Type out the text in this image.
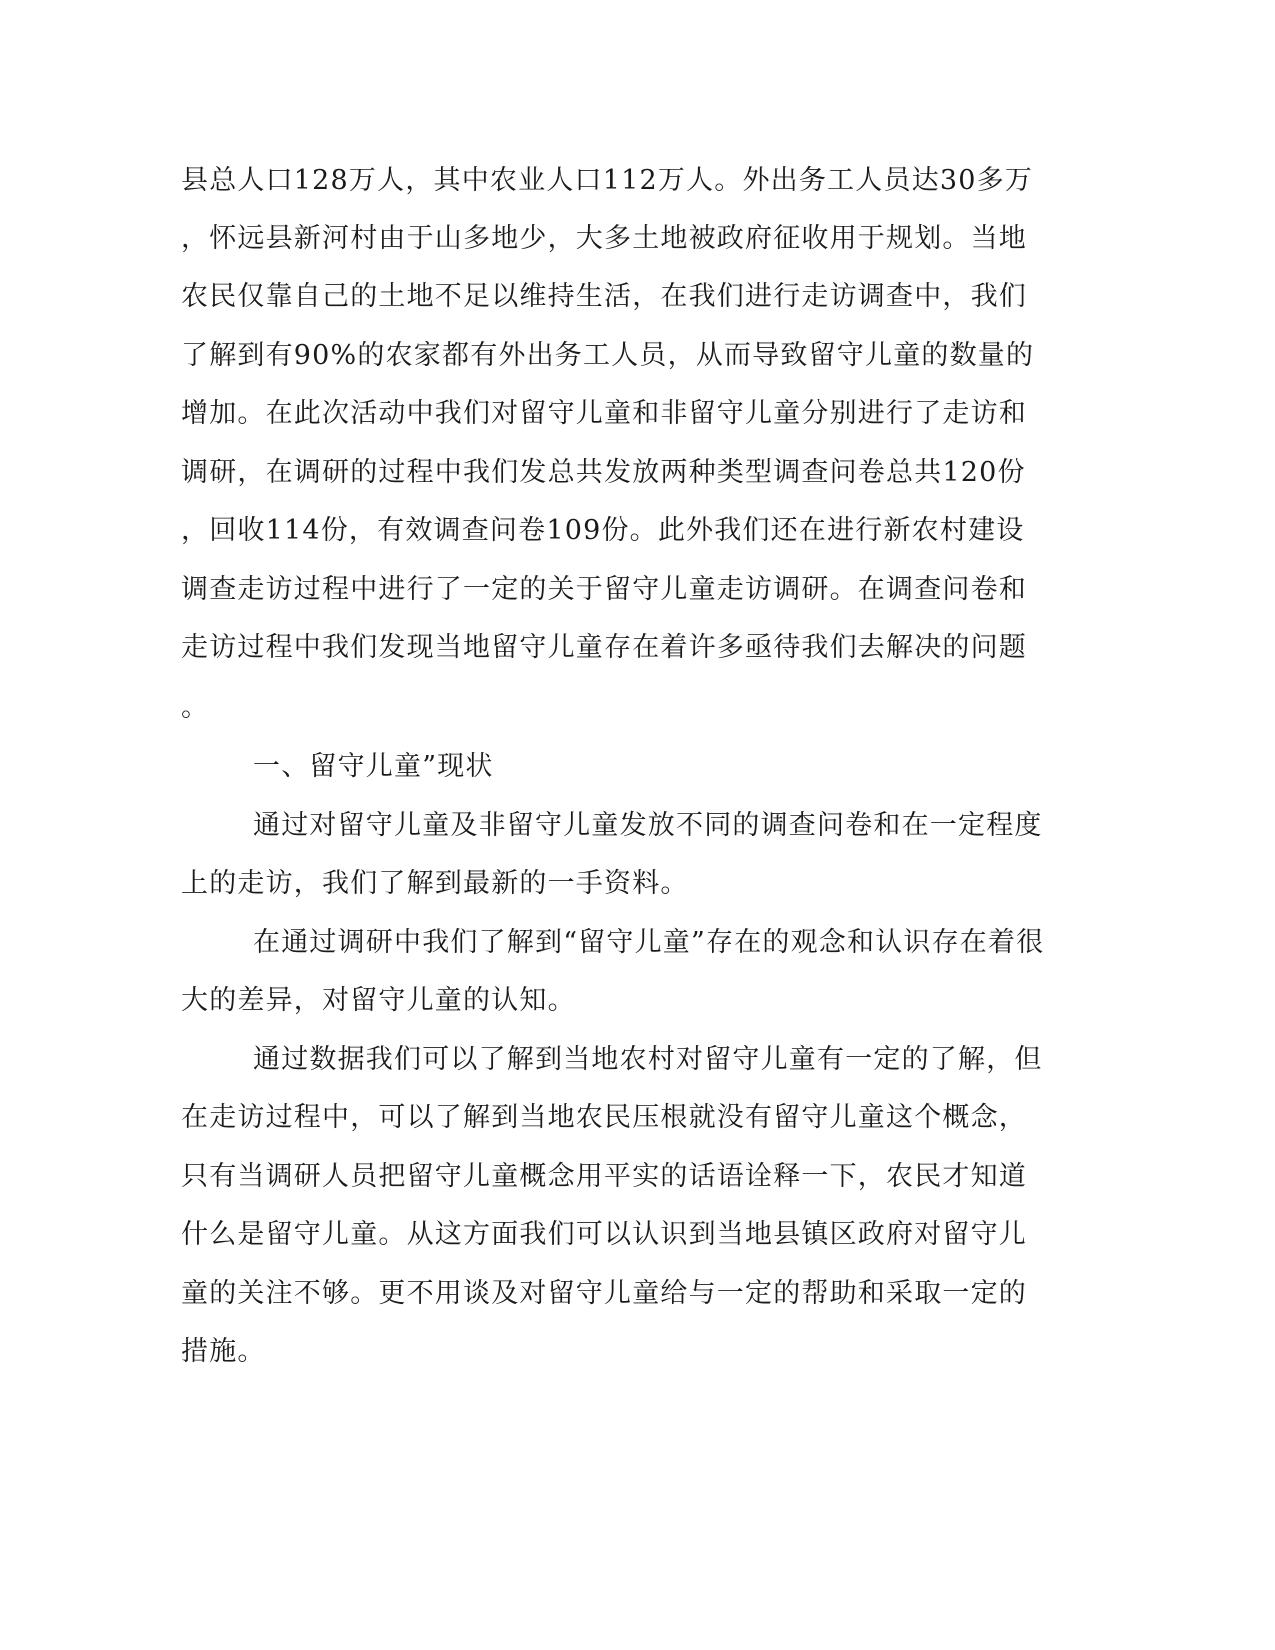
县总人口128万人，其中农业人口112万人。外出务工人员达30多万

，怀远县新河村由于山多地少，大多土地被政府征收用于规划。当地

农民仅靠自己的土地不足以维持生活，在我们进行走访调查中，我们

了解到有90%的农家都有外出务工人员，从而导致留守儿童的数量的

增加。在此次活动中我们对留守儿童和非留守儿童分别进行了走访和

调研，在调研的过程中我们发总共发放两种类型调查问卷总共120份

，回收114份，有效调查问卷109份。此外我们还在进行新农村建设

调查走访过程中进行了一定的关于留守儿童走访调研。在调查问卷和

走访过程中我们发现当地留守儿童存在着许多亟待我们去解决的问题

。

一、留守儿童”现状

通过对留守儿童及非留守儿童发放不同的调查问卷和在一定程度

上的走访，我们了解到最新的一手资料。

在通过调研中我们了解到“留守儿童”存在的观念和认识存在着很

大的差异，对留守儿童的认知。

通过数据我们可以了解到当地农村对留守儿童有一定的了解，但

在走访过程中，可以了解到当地农民压根就没有留守儿童这个概念，

只有当调研人员把留守儿童概念用平实的话语诠释一下，农民才知道

什么是留守儿童。从这方面我们可以认识到当地县镇区政府对留守儿

童的关注不够。更不用谈及对留守儿童给与一定的帮助和采取一定的

措施。
